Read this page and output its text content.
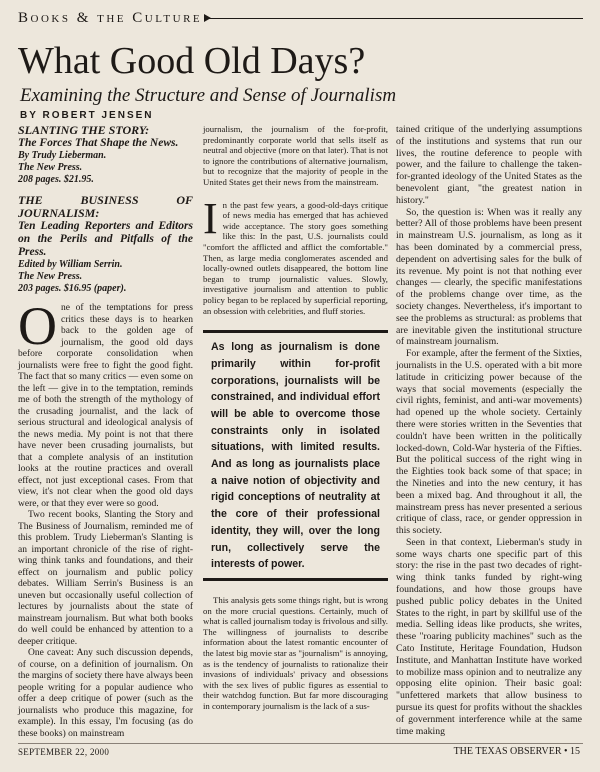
Books & the Culture
What Good Old Days?
Examining the Structure and Sense of Journalism
BY ROBERT JENSEN
SLANTING THE STORY:
The Forces That Shape the News.
By Trudy Lieberman.
The New Press.
208 pages. $21.95.
THE BUSINESS OF JOURNALISM:
Ten Leading Reporters and Editors on the Perils and Pitfalls of the Press.
Edited by William Serrin.
The New Press.
203 pages. $16.95 (paper).

One of the temptations for press critics these days is to hearken back to the golden age of journalism, the good old days before corporate consolidation when journalists were free to fight the good fight. The fact that so many critics — even some on the left — give in to the temptation, reminds me of both the strength of the mythology of the crusading journalist, and the lack of serious structural and ideological analysis of the news media. My point is not that there have never been crusading journalists, but that a complete analysis of an institution looks at the routine practices and overall effect, not just exceptional cases. From that view, it's not clear when the good old days were, or that they ever were so good.

Two recent books, Slanting the Story and The Business of Journalism, reminded me of this problem. Trudy Lieberman's Slanting is an important chronicle of the rise of right-wing think tanks and foundations, and their effect on journalism and public policy debates. William Serrin's Business is an uneven but occasionally useful collection of lectures by journalists about the state of mainstream journalism. But what both books do well could be enhanced by attention to a deeper critique.

One caveat: Any such discussion depends, of course, on a definition of journalism. On the margins of society there have always been people writing for a popular audience who offer a deep critique of power (such as the journalists who produce this magazine, for example). In this essay, I'm focusing (as do these books) on mainstream

journalism, the journalism of the for-profit, predominantly corporate world that sells itself as neutral and objective (more on that later). That is not to ignore the contributions of alternative journalism, but to recognize that the majority of people in the United States get their news from the mainstream.

In the past few years, a good-old-days critique of news media has emerged that has achieved wide acceptance. The story goes something like this: In the past, U.S. journalists could "comfort the afflicted and afflict the comfortable." Then, as large media conglomerates ascended and locally-owned outlets disappeared, the bottom line began to trump journalistic values. Slowly, investigative journalism and attention to public policy began to be replaced by superficial reporting, an obsession with celebrities, and fluff stories.

As long as journalism is done primarily within for-profit corporations, journalists will be constrained, and individual effort will be able to overcome those constraints only in isolated situations, with limited results. And as long as journalists place a naive notion of objectivity and rigid conceptions of neutrality at the core of their professional identity, they will, over the long run, collectively serve the interests of power.

This analysis gets some things right, but is wrong on the more crucial questions. Certainly, much of what is called journalism today is frivolous and silly. The willingness of journalists to describe information about the latest romantic encounter of the latest big movie star as "journalism" is annoying, as is the tendency of journalists to rationalize their invasions of individuals' privacy and obsessions with the sex lives of public figures as essential to their watchdog function. But far more discouraging in contemporary journalism is the lack of a sus-

tained critique of the underlying assumptions of the institutions and systems that run our lives, the routine deference to people with power, and the failure to challenge the taken-for-granted ideology of the United States as the benevolent giant, "the greatest nation in history."

So, the question is: When was it really any better? All of those problems have been present in mainstream U.S. journalism, as long as it has been dominated by a commercial press, dependent on advertising sales for the bulk of its revenue. My point is not that nothing ever changes — clearly, the specific manifestations of the problems change over time, as the society changes. Nevertheless, it's important to see the problems as structural: as problems that are inevitable given the institutional structure of mainstream journalism.

For example, after the ferment of the Sixties, journalists in the U.S. operated with a bit more latitude in criticizing power because of the ways that social movements (especially the civil rights, feminist, and anti-war movements) had opened up the whole society. Certainly there were stories written in the Seventies that couldn't have been written in the politically locked-down, Cold-War hysteria of the Fifties. But the political success of the right wing in the Eighties took back some of that space; in the Nineties and into the new century, it has been a mixed bag. And throughout it all, the mainstream press has never presented a serious critique of class, race, or gender oppression in this society.

Seen in that context, Lieberman's study in some ways charts one specific part of this story: the rise in the past two decades of right-wing think tanks funded by right-wing foundations, and how those groups have pushed public policy debates in the United States to the right, in part by skillful use of the media. Selling ideas like products, she writes, these "roaring publicity machines" such as the Cato Institute, Heritage Foundation, Hudson Institute, and Manhattan Institute have worked to mobilize mass opinion and to neutralize any opposing elite opinion. Their basic goal: "unfettered markets that allow business to pursue its quest for profits without the shackles of government interference while at the same time making

SEPTEMBER 22, 2000	THE TEXAS OBSERVER • 15
